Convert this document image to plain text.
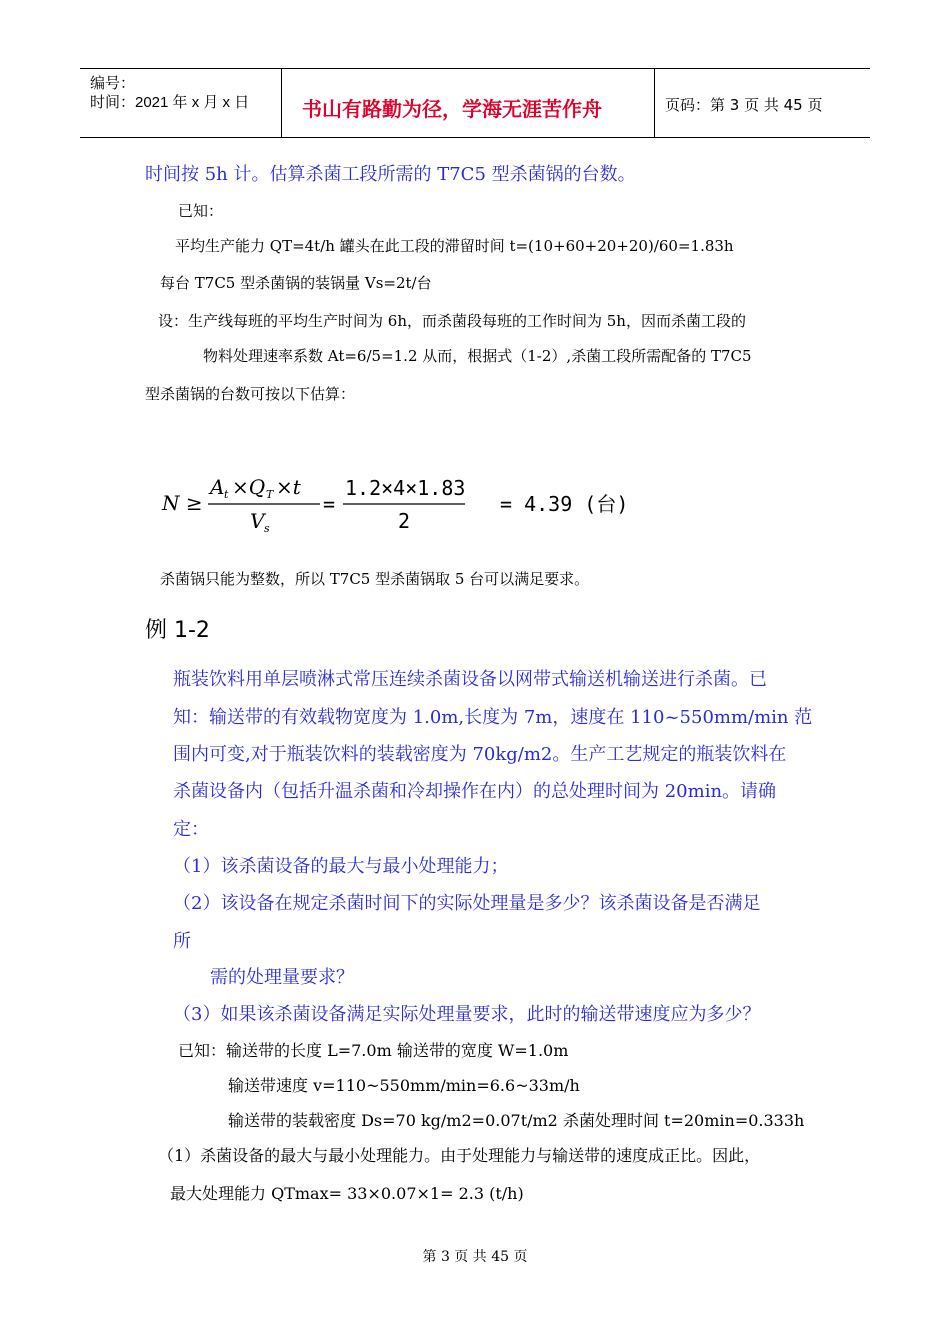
编号：
时间：2021 年 x 月 x 日	书山有路勤为径，学海无涯苦作舟	页码：第 3 页 共 45 页
时间按 5h 计。估算杀菌工段所需的 T7C5 型杀菌锅的台数。
已知：
平均生产能力 QT=4t/h 罐头在此工段的滞留时间 t=(10+60+20+20)/60=1.83h
每台 T7C5 型杀菌锅的装锅量 Vs=2t/台
设：生产线每班的平均生产时间为 6h，而杀菌段每班的工作时间为 5h，因而杀菌工段的
物料处理速率系数 At=6/5=1.2 从而，根据式（1-2）,杀菌工段所需配备的 T7C5
型杀菌锅的台数可按以下估算：
N ≥
A t ×Q T ×t
V s
=
1.2×4×1.83
2
= 4.39 (台)
杀菌锅只能为整数，所以 T7C5 型杀菌锅取 5 台可以满足要求。
例 1-2
瓶装饮料用单层喷淋式常压连续杀菌设备以网带式输送机输送进行杀菌。已
知：输送带的有效载物宽度为 1.0m,长度为 7m，速度在 110~550mm/min 范
围内可变,对于瓶装饮料的装载密度为 70kg/m2。生产工艺规定的瓶装饮料在
杀菌设备内（包括升温杀菌和冷却操作在内）的总处理时间为 20min。请确
定：
（1）该杀菌设备的最大与最小处理能力；
（2）该设备在规定杀菌时间下的实际处理量是多少？该杀菌设备是否满足
所
需的处理量要求？
（3）如果该杀菌设备满足实际处理量要求，此时的输送带速度应为多少？
已知：输送带的长度 L=7.0m 输送带的宽度 W=1.0m
输送带速度 v=110~550mm/min=6.6~33m/h
输送带的装载密度 Ds=70 kg/m2=0.07t/m2 杀菌处理时间 t=20min=0.333h
（1）杀菌设备的最大与最小处理能力。由于处理能力与输送带的速度成正比。因此，
最大处理能力 QTmax= 33×0.07×1= 2.3 (t/h)
第 3 页 共 45 页
